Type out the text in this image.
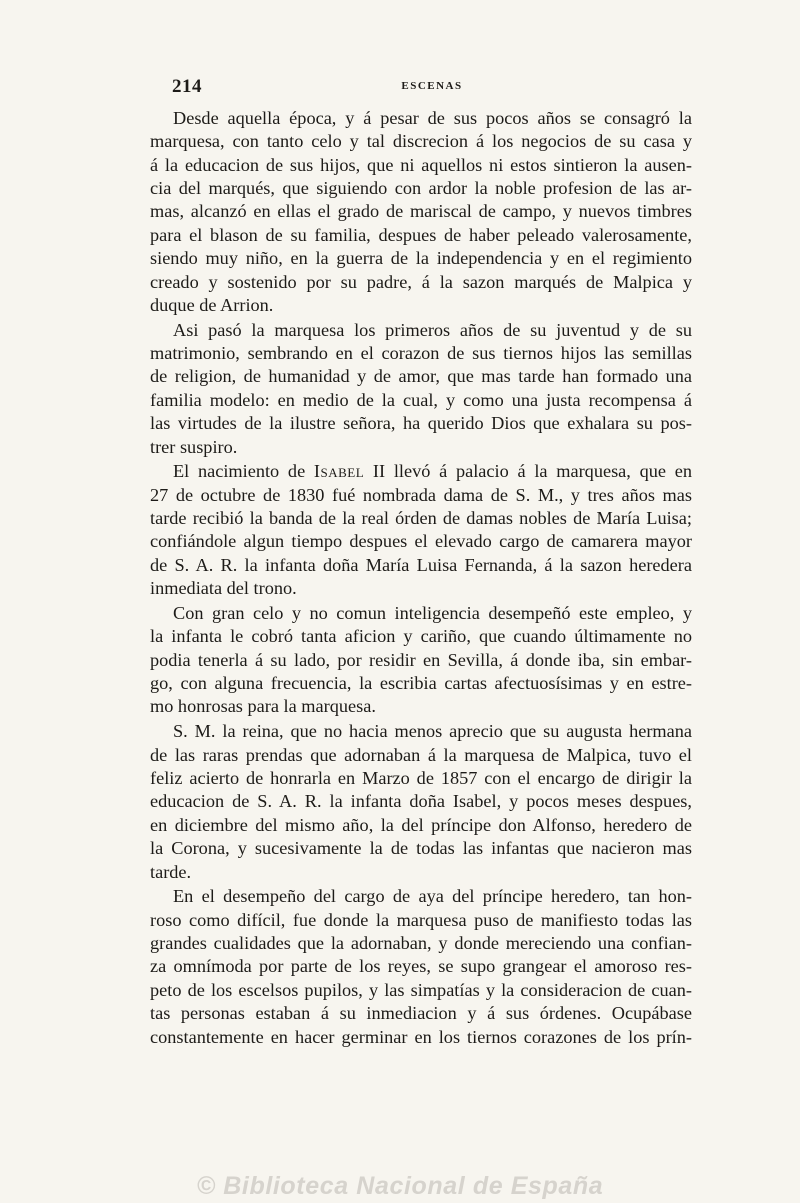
214	ESCENAS
Desde aquella época, y á pesar de sus pocos años se consagró la
marquesa, con tanto celo y tal discrecion á los negocios de su casa y
á la educacion de sus hijos, que ni aquellos ni estos sintieron la ausen-
cia del marqués, que siguiendo con ardor la noble profesion de las ar-
mas, alcanzó en ellas el grado de mariscal de campo, y nuevos timbres
para el blason de su familia, despues de haber peleado valerosamente,
siendo muy niño, en la guerra de la independencia y en el regimiento
creado y sostenido por su padre, á la sazon marqués de Malpica y
duque de Arrion.
Asi pasó la marquesa los primeros años de su juventud y de su
matrimonio, sembrando en el corazon de sus tiernos hijos las semillas
de religion, de humanidad y de amor, que mas tarde han formado una
familia modelo: en medio de la cual, y como una justa recompensa á
las virtudes de la ilustre señora, ha querido Dios que exhalara su pos-
trer suspiro.
El nacimiento de Isabel II llevó á palacio á la marquesa, que en
27 de octubre de 1830 fué nombrada dama de S. M., y tres años mas
tarde recibió la banda de la real órden de damas nobles de María Luisa;
confiándole algun tiempo despues el elevado cargo de camarera mayor
de S. A. R. la infanta doña María Luisa Fernanda, á la sazon heredera
inmediata del trono.
Con gran celo y no comun inteligencia desempeñó este empleo, y
la infanta le cobró tanta aficion y cariño, que cuando últimamente no
podia tenerla á su lado, por residir en Sevilla, á donde iba, sin embar-
go, con alguna frecuencia, la escribia cartas afectuosísimas y en estre-
mo honrosas para la marquesa.
S. M. la reina, que no hacia menos aprecio que su augusta hermana
de las raras prendas que adornaban á la marquesa de Malpica, tuvo el
feliz acierto de honrarla en Marzo de 1857 con el encargo de dirigir la
educacion de S. A. R. la infanta doña Isabel, y pocos meses despues,
en diciembre del mismo año, la del príncipe don Alfonso, heredero de
la Corona, y sucesivamente la de todas las infantas que nacieron mas
tarde.
En el desempeño del cargo de aya del príncipe heredero, tan hon-
roso como difícil, fue donde la marquesa puso de manifiesto todas las
grandes cualidades que la adornaban, y donde mereciendo una confian-
za omnímoda por parte de los reyes, se supo grangear el amoroso res-
peto de los escelsos pupilos, y las simpatías y la consideracion de cuan-
tas personas estaban á su inmediacion y á sus órdenes. Ocupábase
constantemente en hacer germinar en los tiernos corazones de los prín-
© Biblioteca Nacional de España
